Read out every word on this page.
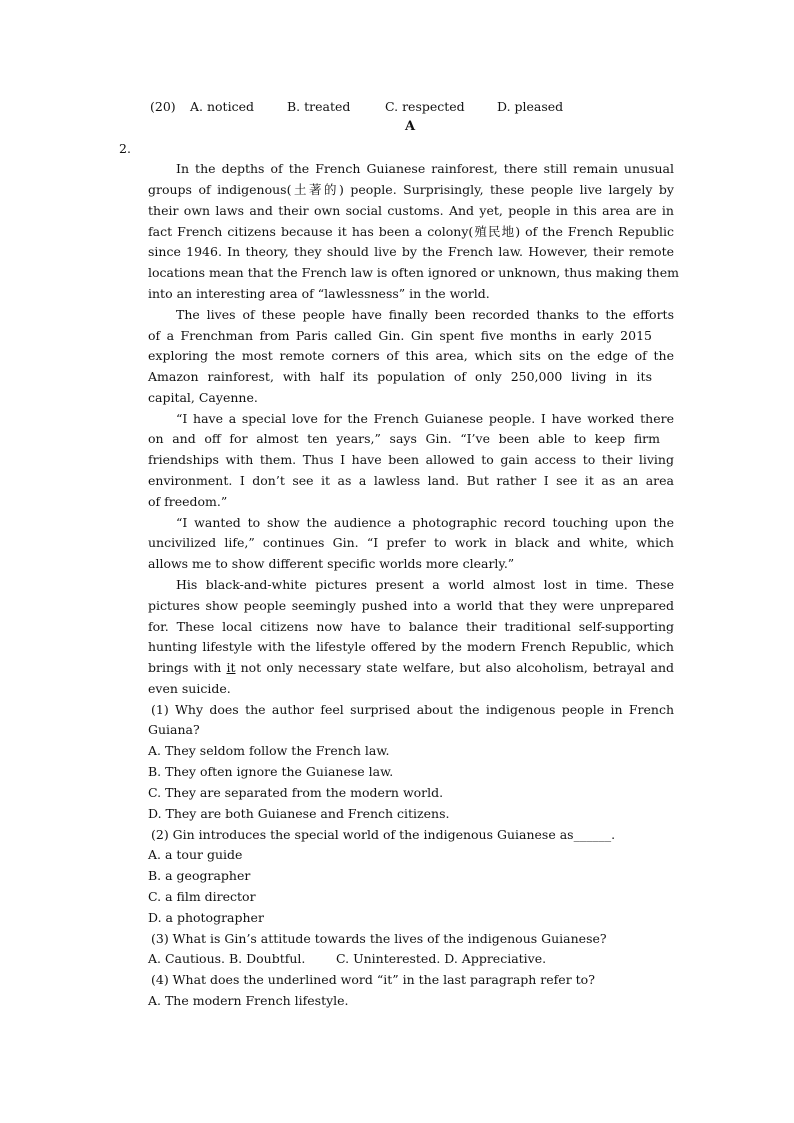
(20) A. noticed	B. treated	C. respected	D. pleased
A
2.
In the depths of the French Guianese rainforest, there still remain unusual
groups of indigenous(土著的) people. Surprisingly, these people live largely by
their own laws and their own social customs. And yet, people in this area are in
fact French citizens because it has been a colony(殖民地) of the French Republic
since 1946. In theory, they should live by the French law. However, their remote
locations mean that the French law is often ignored or unknown, thus making them
into an interesting area of “lawlessness” in the world.
The lives of these people have finally been recorded thanks to the efforts
of a Frenchman from Paris called Gin. Gin spent five months in early 2015
exploring the most remote corners of this area, which sits on the edge of the
Amazon rainforest, with half its population of only 250,000 living in its
capital, Cayenne.
“I have a special love for the French Guianese people. I have worked there
on and off for almost ten years,” says Gin. “I’ve been able to keep firm
friendships with them. Thus I have been allowed to gain access to their living
environment. I don’t see it as a lawless land. But rather I see it as an area
of freedom.”
“I wanted to show the audience a photographic record touching upon the
uncivilized life,” continues Gin. “I prefer to work in black and white, which
allows me to show different specific worlds more clearly.”
His black-and-white pictures present a world almost lost in time. These
pictures show people seemingly pushed into a world that they were unprepared
for. These local citizens now have to balance their traditional self-supporting
hunting lifestyle with the lifestyle offered by the modern French Republic, which
brings with it not only necessary state welfare, but also alcoholism, betrayal and
even suicide.
(1) Why does the author feel surprised about the indigenous people in French
Guiana?
A. They seldom follow the French law.
B. They often ignore the Guianese law.
C. They are separated from the modern world.
D. They are both Guianese and French citizens.
(2) Gin introduces the special world of the indigenous Guianese as______.
A. a tour guide
B. a geographer
C. a film director
D. a photographer
(3) What is Gin’s attitude towards the lives of the indigenous Guianese?
A. Cautious. B. Doubtful. C. Uninterested. D. Appreciative.
(4) What does the underlined word “it” in the last paragraph refer to?
A. The modern French lifestyle.
